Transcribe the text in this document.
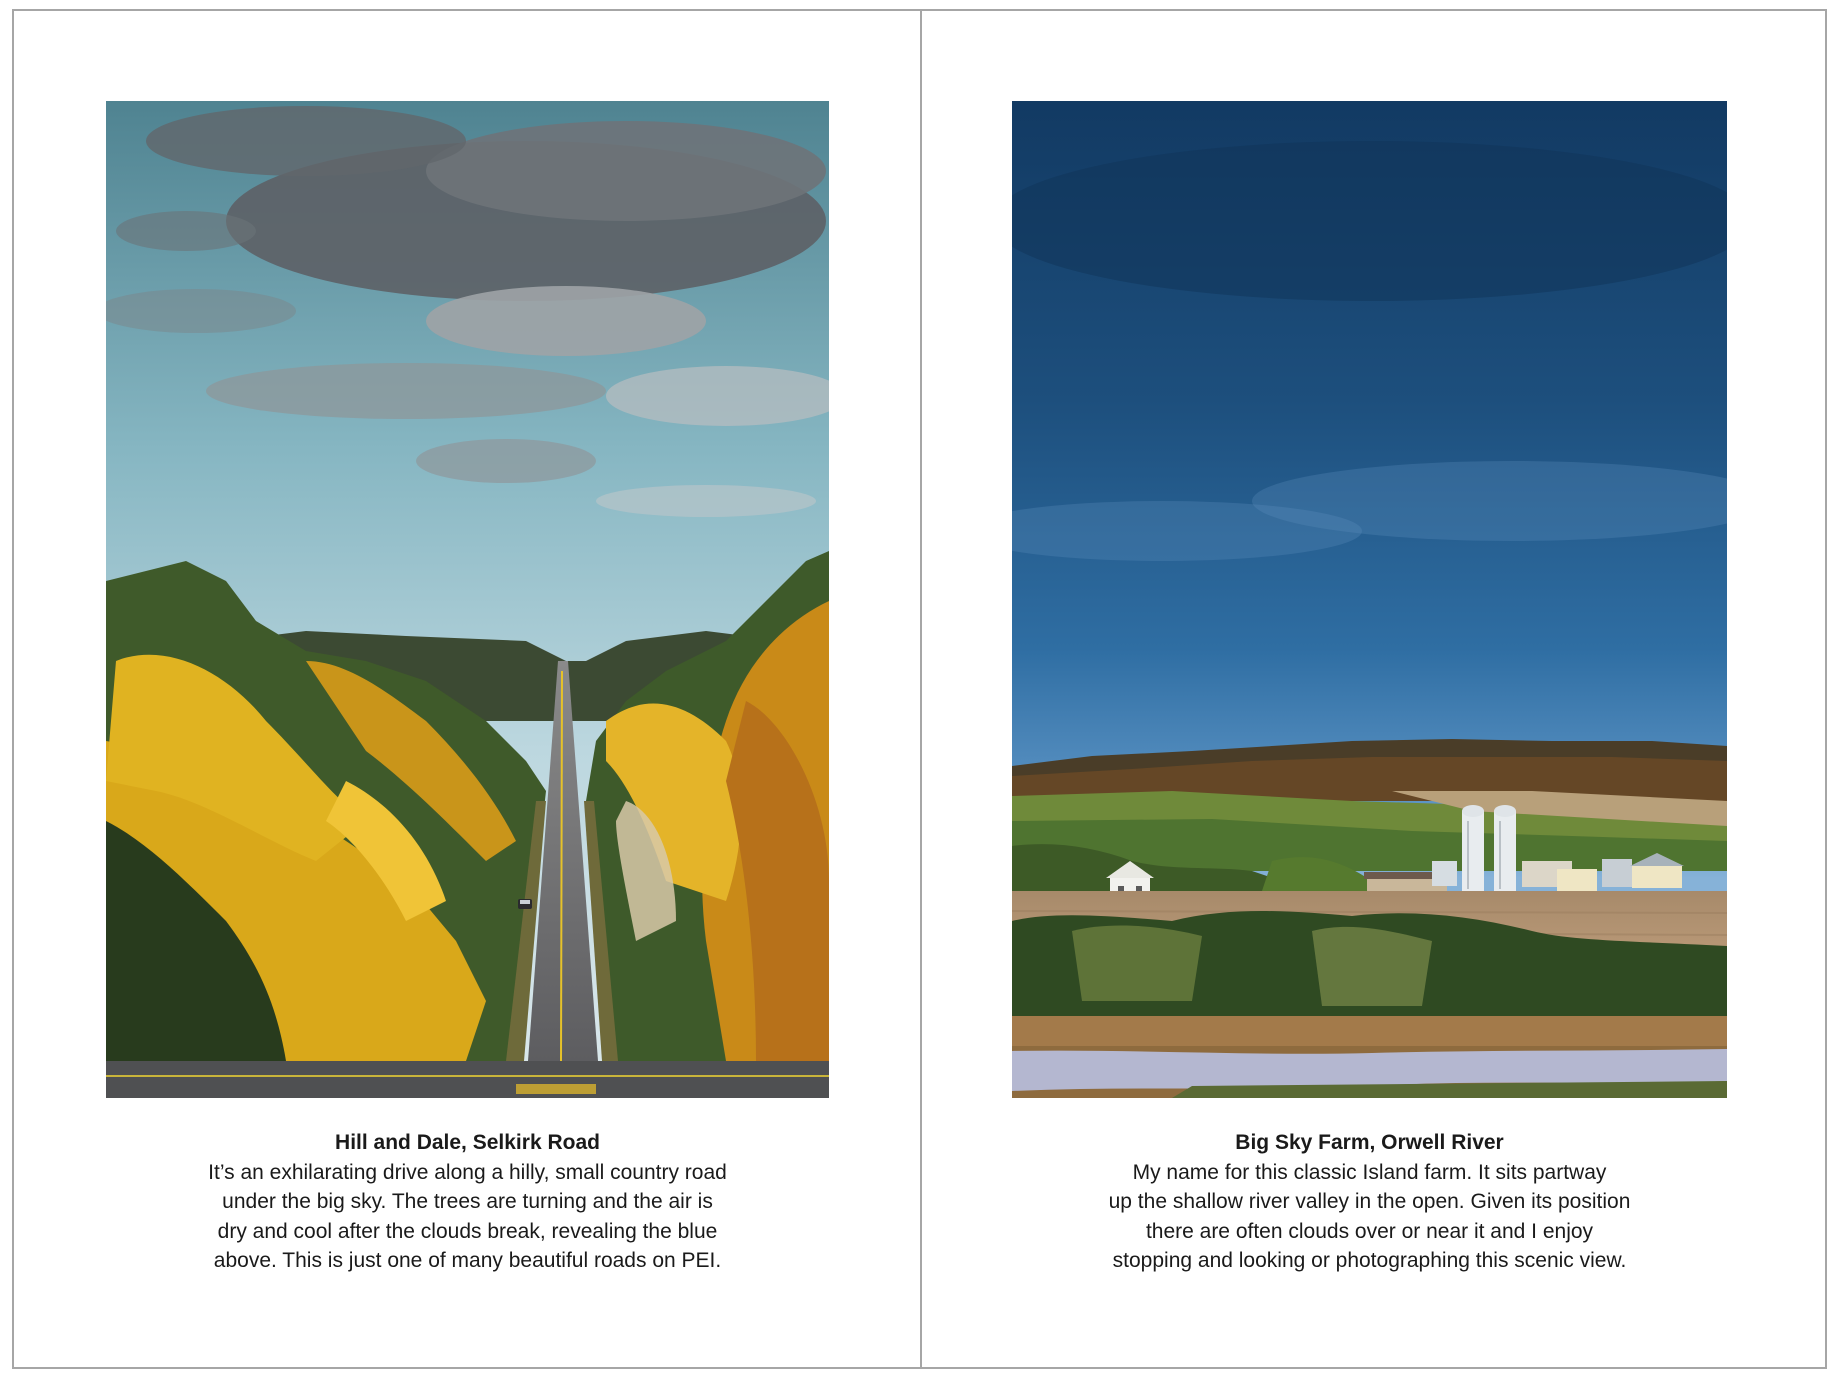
Hill and Dale, Selkirk Road
It’s an exhilarating drive along a hilly, small country road
under the big sky. The trees are turning and the air is
dry and cool after the clouds break, revealing the blue
above. This is just one of many beautiful roads on PEI.
Big Sky Farm, Orwell River
My name for this classic Island farm. It sits partway
up the shallow river valley in the open. Given its position
there are often clouds over or near it and I enjoy
stopping and looking or photographing this scenic view.
